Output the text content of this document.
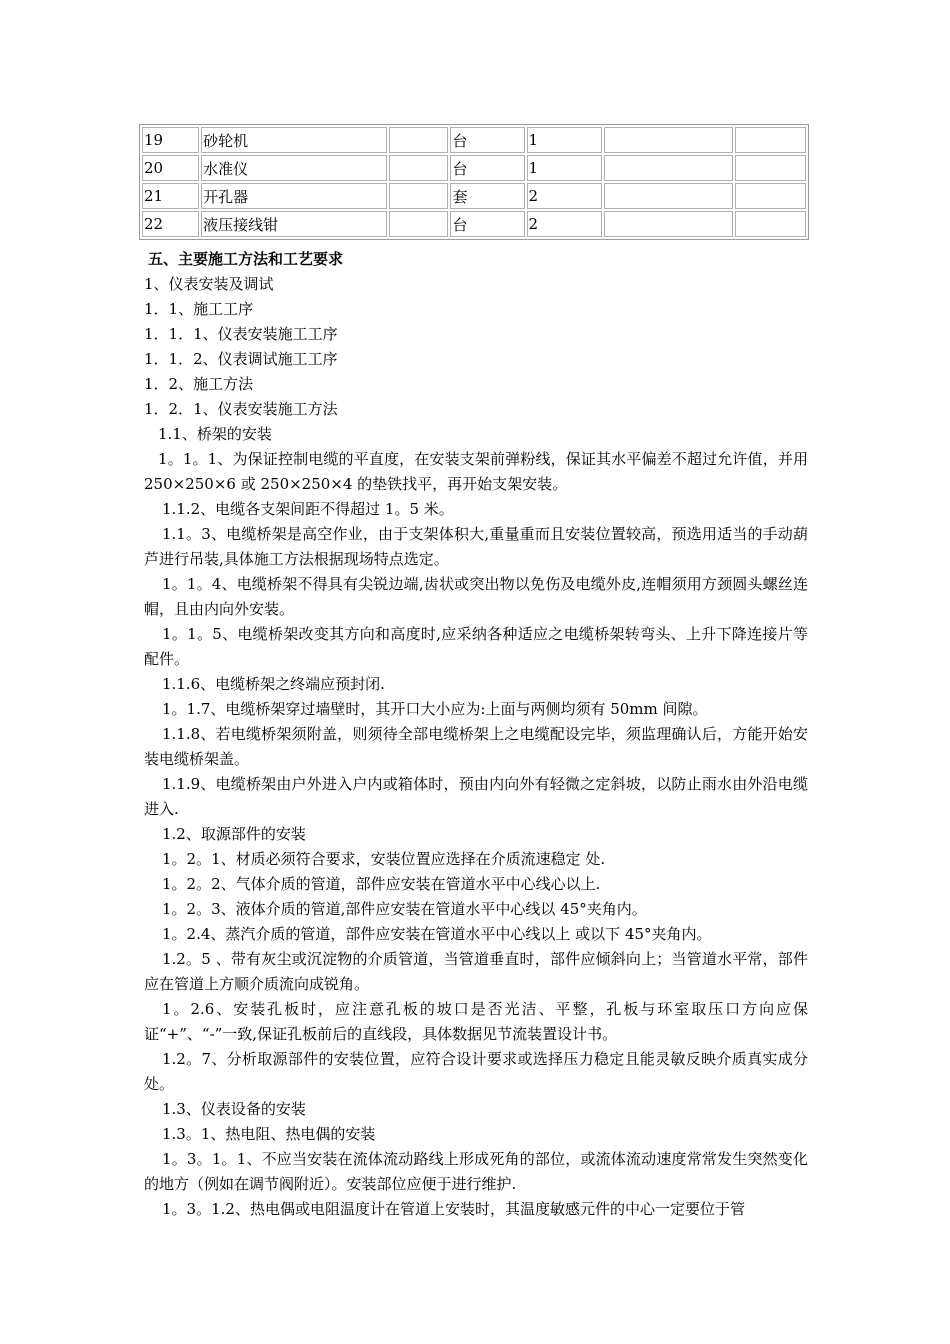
19	砂轮机		台	1		
20	水准仪		台	1		
21	开孔器		套	2		
22	液压接线钳		台	2		

五、主要施工方法和工艺要求

1、仪表安装及调试

1．1、施工工序

1．1．1、仪表安装施工工序

1．1．2、仪表调试施工工序

1．2、施工方法

1．2．1、仪表安装施工方法

1.1、桥架的安装

1。1。1、为保证控制电缆的平直度，在安装支架前弹粉线，保证其水平偏差不超过允许值，并用 250×250×6 或 250×250×4 的垫铁找平，再开始支架安装。

1.1.2、电缆各支架间距不得超过 1。5 米。

1.1。3、电缆桥架是高空作业，由于支架体积大,重量重而且安装位置较高，预选用适当的手动葫芦进行吊装,具体施工方法根据现场特点选定。

1。1。4、电缆桥架不得具有尖锐边端,齿状或突出物以免伤及电缆外皮,连帽须用方颈圆头螺丝连帽，且由内向外安装。

1。1。5、电缆桥架改变其方向和高度时,应采纳各种适应之电缆桥架转弯头、上升下降连接片等配件。

1.1.6、电缆桥架之终端应预封闭.

1。1.7、电缆桥架穿过墙壁时，其开口大小应为:上面与两侧均须有 50mm 间隙。

1.1.8、若电缆桥架须附盖，则须待全部电缆桥架上之电缆配设完毕，须监理确认后，方能开始安装电缆桥架盖。

1.1.9、电缆桥架由户外进入户内或箱体时，预由内向外有轻微之定斜坡，以防止雨水由外沿电缆进入.

1.2、取源部件的安装

1。2。1、材质必须符合要求，安装位置应选择在介质流速稳定 处.

1。2。2、气体介质的管道，部件应安装在管道水平中心线心以上.

1。2。3、液体介质的管道,部件应安装在管道水平中心线以 45°夹角内。

1。2.4、蒸汽介质的管道，部件应安装在管道水平中心线以上 或以下 45°夹角内。

1.2。5 、带有灰尘或沉淀物的介质管道，当管道垂直时，部件应倾斜向上；当管道水平常，部件应在管道上方顺介质流向成锐角。

1。2.6、安装孔板时，应注意孔板的坡口是否光洁、平整，孔板与环室取压口方向应保证“+”、“-”一致,保证孔板前后的直线段，具体数据见节流装置设计书。

1.2。7、分析取源部件的安装位置，应符合设计要求或选择压力稳定且能灵敏反映介质真实成分处。

1.3、仪表设备的安装

1.3。1、热电阻、热电偶的安装

1。3。1。1、不应当安装在流体流动路线上形成死角的部位，或流体流动速度常常发生突然变化的地方（例如在调节阀附近）。安装部位应便于进行维护.

1。3。1.2、热电偶或电阻温度计在管道上安装时，其温度敏感元件的中心一定要位于管
